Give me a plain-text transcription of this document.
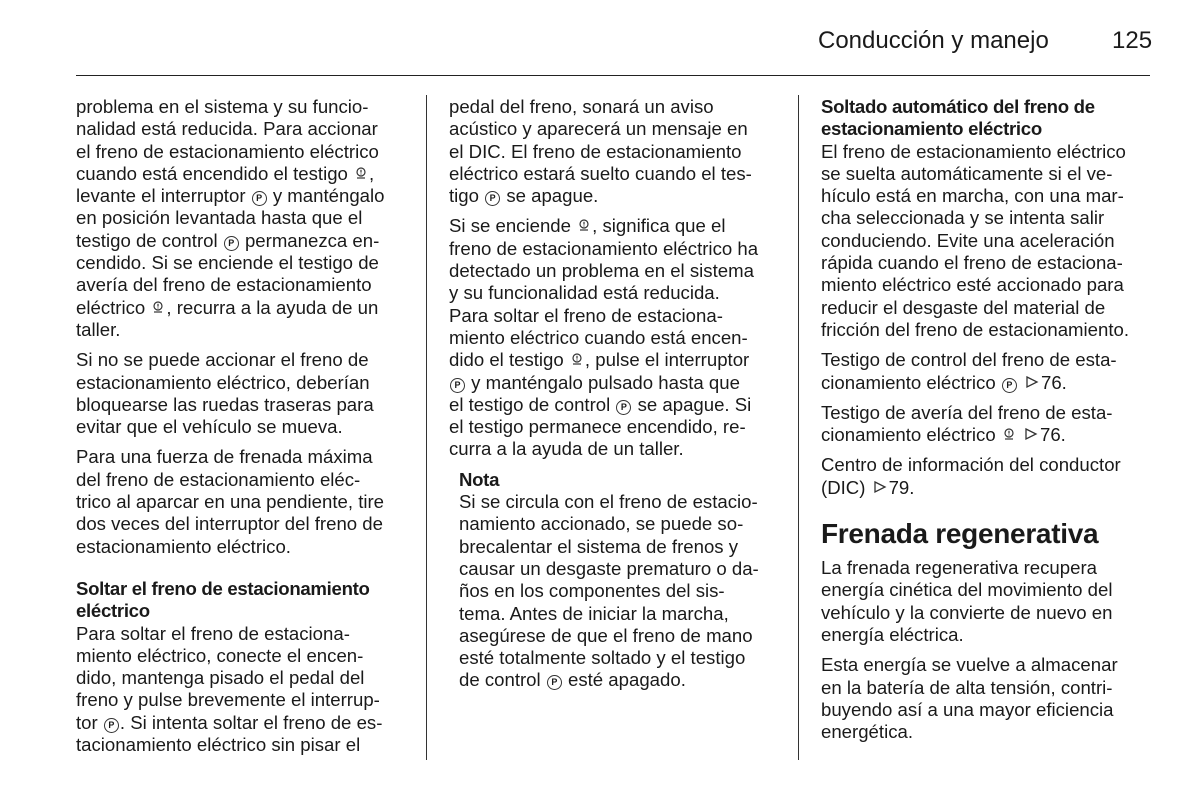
Conducción y manejo	125

problema en el sistema y su funcio-
nalidad está reducida. Para accionar
el freno de estacionamiento eléctrico
cuando está encendido el testigo ,
levante el interruptor P y manténgalo
en posición levantada hasta que el
testigo de control P permanezca en-
cendido. Si se enciende el testigo de
avería del freno de estacionamiento
eléctrico , recurra a la ayuda de un
taller.

Si no se puede accionar el freno de
estacionamiento eléctrico, deberían
bloquearse las ruedas traseras para
evitar que el vehículo se mueva.

Para una fuerza de frenada máxima
del freno de estacionamiento eléc-
trico al aparcar en una pendiente, tire
dos veces del interruptor del freno de
estacionamiento eléctrico.

Soltar el freno de estacionamiento
eléctrico

Para soltar el freno de estaciona-
miento eléctrico, conecte el encen-
dido, mantenga pisado el pedal del
freno y pulse brevemente el interrup-
tor P . Si intenta soltar el freno de es-
tacionamiento eléctrico sin pisar el

pedal del freno, sonará un aviso
acústico y aparecerá un mensaje en
el DIC. El freno de estacionamiento
eléctrico estará suelto cuando el tes-
tigo P se apague.

Si se enciende , significa que el
freno de estacionamiento eléctrico ha
detectado un problema en el sistema
y su funcionalidad está reducida.
Para soltar el freno de estaciona-
miento eléctrico cuando está encen-
dido el testigo , pulse el interruptor
P y manténgalo pulsado hasta que
el testigo de control P se apague. Si
el testigo permanece encendido, re-
curra a la ayuda de un taller.

Nota

Si se circula con el freno de estacio-
namiento accionado, se puede so-
brecalentar el sistema de frenos y
causar un desgaste prematuro o da-
ños en los componentes del sis-
tema. Antes de iniciar la marcha,
asegúrese de que el freno de mano
esté totalmente soltado y el testigo
de control P esté apagado.

Soltado automático del freno de
estacionamiento eléctrico

El freno de estacionamiento eléctrico
se suelta automáticamente si el ve-
hículo está en marcha, con una mar-
cha seleccionada y se intenta salir
conduciendo. Evite una aceleración
rápida cuando el freno de estaciona-
miento eléctrico esté accionado para
reducir el desgaste del material de
fricción del freno de estacionamiento.

Testigo de control del freno de esta-
cionamiento eléctrico P 76.

Testigo de avería del freno de esta-
cionamiento eléctrico  76.

Centro de información del conductor
(DIC) 79.

Frenada regenerativa

La frenada regenerativa recupera
energía cinética del movimiento del
vehículo y la convierte de nuevo en
energía eléctrica.

Esta energía se vuelve a almacenar
en la batería de alta tensión, contri-
buyendo así a una mayor eficiencia
energética.
